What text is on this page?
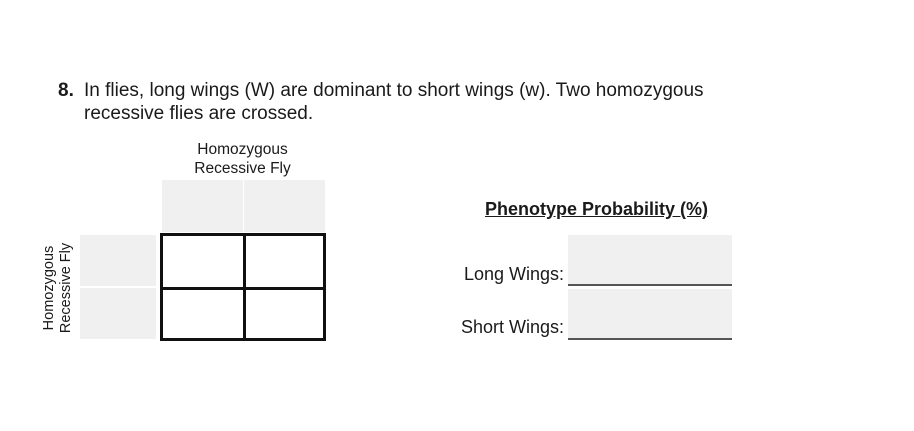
8. In flies, long wings (W) are dominant to short wings (w). Two homozygous
recessive flies are crossed.
Homozygous
Recessive Fly
Homozygous
Recessive Fly
Phenotype Probability (%)
Long Wings:
Short Wings:
